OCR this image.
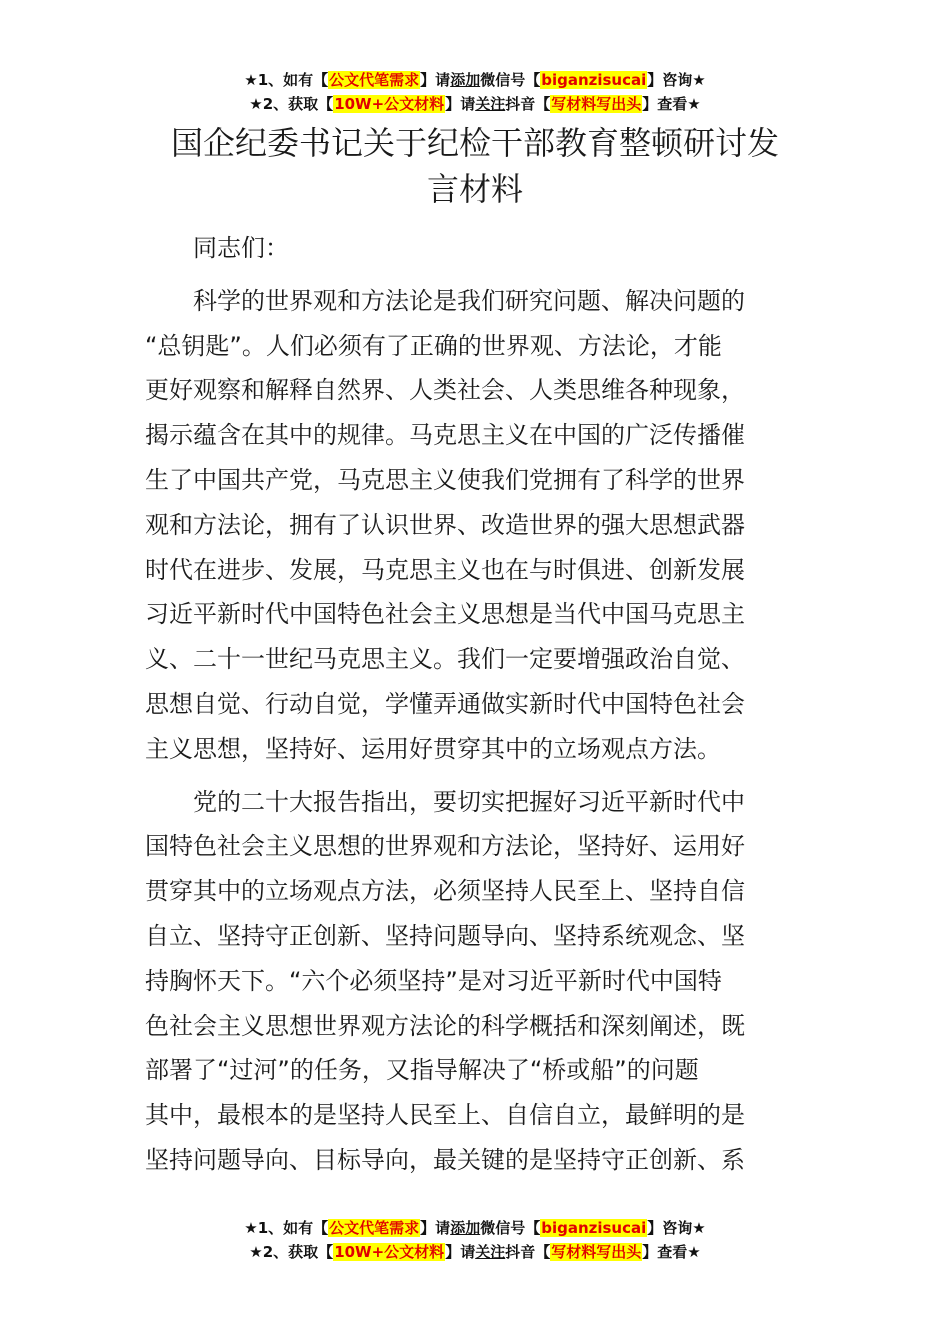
★1、如有【公文代笔需求】请添加微信号【biganzisucai】咨询★
★2、获取【10W+公文材料】请关注抖音【写材料写出头】查看★
国企纪委书记关于纪检干部教育整顿研讨发
言材料

同志们：

科学的世界观和方法论是我们研究问题、解决问题的
“总钥匙”。人们必须有了正确的世界观、方法论，才能
更好观察和解释自然界、人类社会、人类思维各种现象，
揭示蕴含在其中的规律。马克思主义在中国的广泛传播催
生了中国共产党，马克思主义使我们党拥有了科学的世界
观和方法论，拥有了认识世界、改造世界的强大思想武器
时代在进步、发展，马克思主义也在与时俱进、创新发展
习近平新时代中国特色社会主义思想是当代中国马克思主
义、二十一世纪马克思主义。我们一定要增强政治自觉、
思想自觉、行动自觉，学懂弄通做实新时代中国特色社会
主义思想，坚持好、运用好贯穿其中的立场观点方法。

党的二十大报告指出，要切实把握好习近平新时代中
国特色社会主义思想的世界观和方法论，坚持好、运用好
贯穿其中的立场观点方法，必须坚持人民至上、坚持自信
自立、坚持守正创新、坚持问题导向、坚持系统观念、坚
持胸怀天下。“六个必须坚持”是对习近平新时代中国特
色社会主义思想世界观方法论的科学概括和深刻阐述，既
部署了“过河”的任务，又指导解决了“桥或船”的问题
其中，最根本的是坚持人民至上、自信自立，最鲜明的是
坚持问题导向、目标导向，最关键的是坚持守正创新、系

★1、如有【公文代笔需求】请添加微信号【biganzisucai】咨询★
★2、获取【10W+公文材料】请关注抖音【写材料写出头】查看★
